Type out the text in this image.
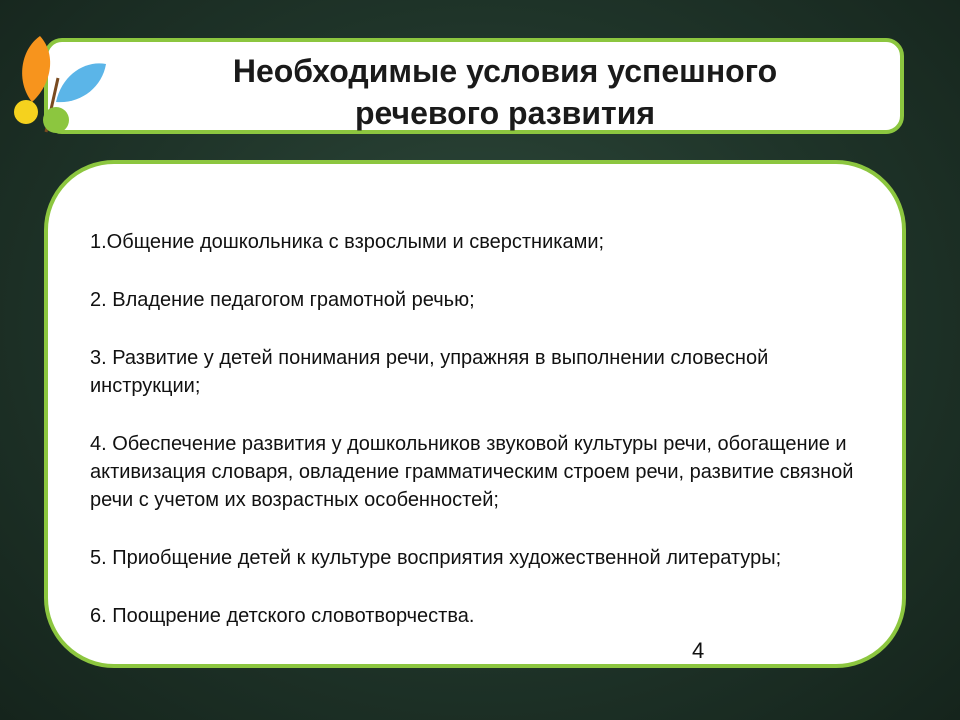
Необходимые условия успешного
речевого развития
1.Общение дошкольника с взрослыми и сверстниками;
2. Владение педагогом грамотной речью;
3. Развитие у детей понимания речи, упражняя в выполнении словесной инструкции;
4. Обеспечение развития у дошкольников звуковой культуры речи, обогащение и активизация словаря, овладение грамматическим строем речи, развитие связной речи с учетом их возрастных особенностей;
5. Приобщение детей к культуре восприятия художественной литературы;
6. Поощрение детского словотворчества.
4
